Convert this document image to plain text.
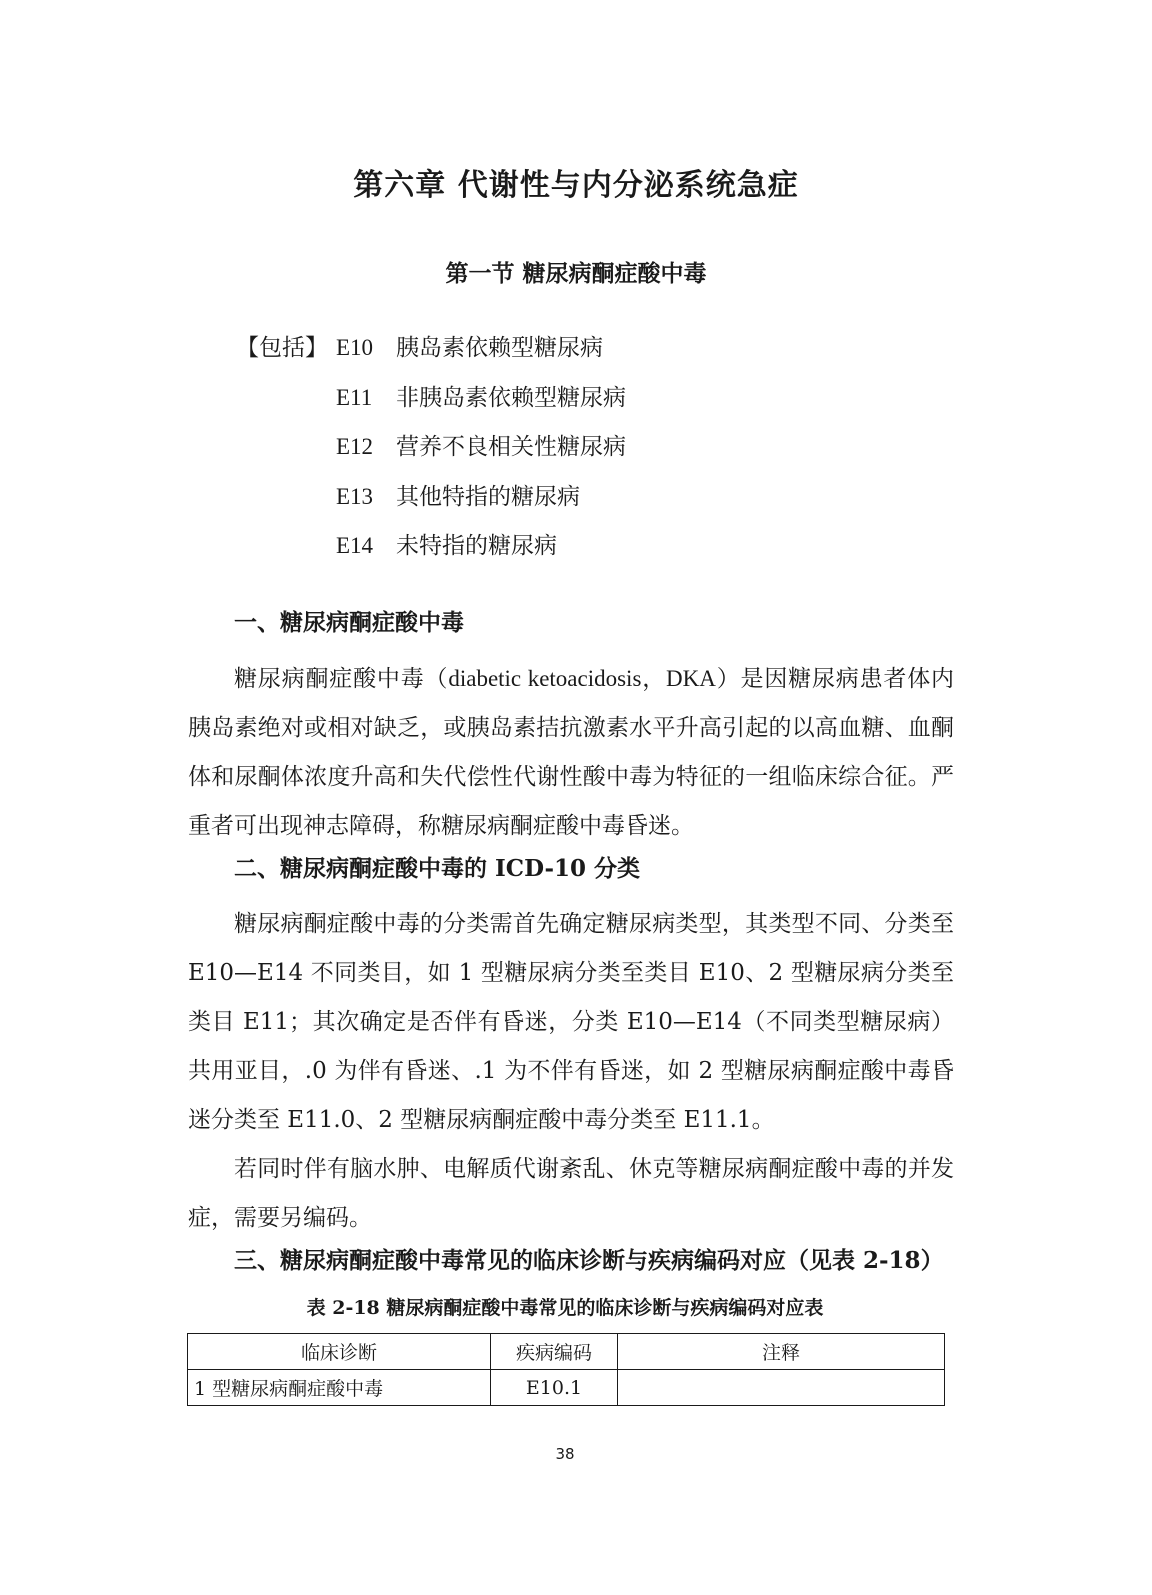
第六章 代谢性与内分泌系统急症
第一节 糖尿病酮症酸中毒
【包括】 E10 胰岛素依赖型糖尿病
E11 非胰岛素依赖型糖尿病
E12 营养不良相关性糖尿病
E13 其他特指的糖尿病
E14 未特指的糖尿病
一、糖尿病酮症酸中毒

糖尿病酮症酸中毒（diabetic ketoacidosis，DKA）是因糖尿病患者体内胰岛素绝对或相对缺乏，或胰岛素拮抗激素水平升高引起的以高血糖、血酮体和尿酮体浓度升高和失代偿性代谢性酸中毒为特征的一组临床综合征。严重者可出现神志障碍，称糖尿病酮症酸中毒昏迷。

二、糖尿病酮症酸中毒的 ICD-10 分类

糖尿病酮症酸中毒的分类需首先确定糖尿病类型，其类型不同、分类至 E10—E14 不同类目，如 1 型糖尿病分类至类目 E10、2 型糖尿病分类至类目 E11；其次确定是否伴有昏迷，分类 E10—E14（不同类型糖尿病）共用亚目，.0 为伴有昏迷、.1 为不伴有昏迷，如 2 型糖尿病酮症酸中毒昏迷分类至 E11.0、2 型糖尿病酮症酸中毒分类至 E11.1。

若同时伴有脑水肿、电解质代谢紊乱、休克等糖尿病酮症酸中毒的并发症，需要另编码。

三、糖尿病酮症酸中毒常见的临床诊断与疾病编码对应（见表 2-18）
表 2-18 糖尿病酮症酸中毒常见的临床诊断与疾病编码对应表
临床诊断	疾病编码	注释
1 型糖尿病酮症酸中毒	E10.1	
38
